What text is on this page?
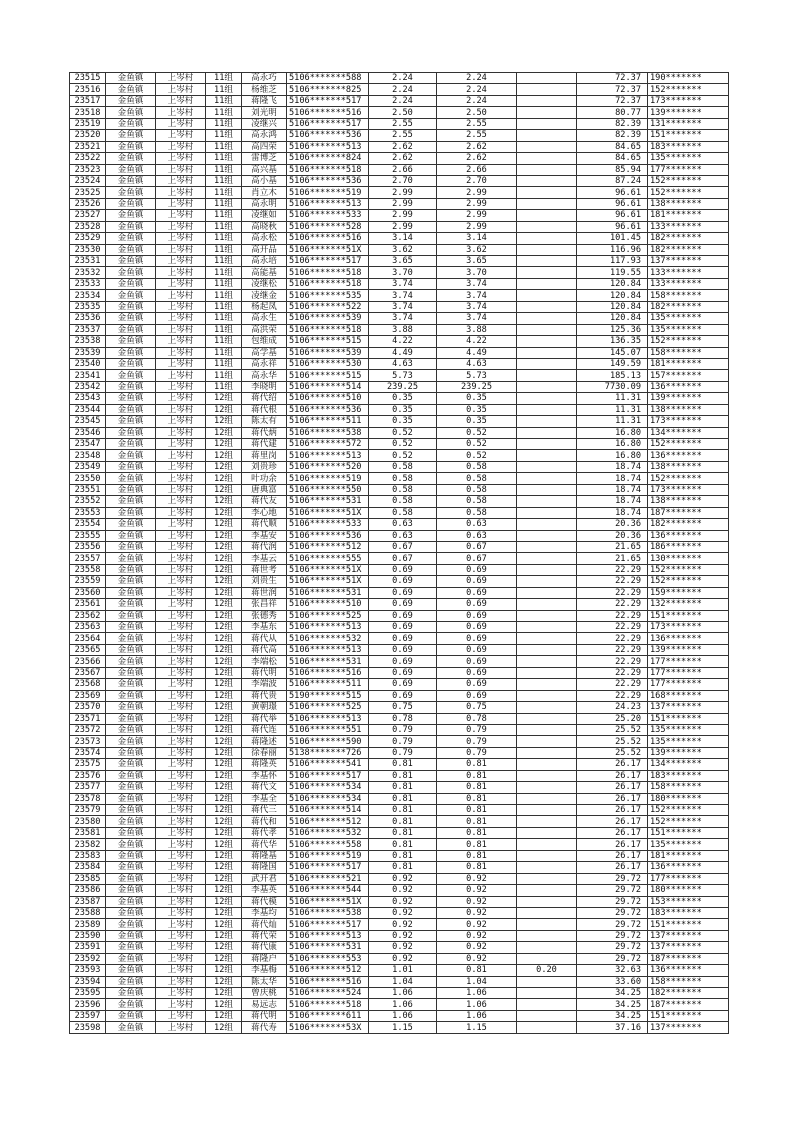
23515	金鱼镇	上岑村	11组	高永巧	5106*******588	2.24	2.24		72.37	190*******
23516	金鱼镇	上岑村	11组	杨维芝	5106*******825	2.24	2.24		72.37	152*******
23517	金鱼镇	上岑村	11组	蒋隆飞	5106*******517	2.24	2.24		72.37	173*******
23518	金鱼镇	上岑村	11组	刘光明	5106*******516	2.50	2.50		80.77	139*******
23519	金鱼镇	上岑村	11组	凌继兴	5106*******517	2.55	2.55		82.39	131*******
23520	金鱼镇	上岑村	11组	高永鸿	5106*******536	2.55	2.55		82.39	151*******
23521	金鱼镇	上岑村	11组	高四荣	5106*******513	2.62	2.62		84.65	183*******
23522	金鱼镇	上岑村	11组	雷博芝	5106*******824	2.62	2.62		84.65	135*******
23523	金鱼镇	上岑村	11组	高兴基	5106*******518	2.66	2.66		85.94	177*******
23524	金鱼镇	上岑村	11组	高小基	5106*******536	2.70	2.70		87.24	152*******
23525	金鱼镇	上岑村	11组	肖立木	5106*******519	2.99	2.99		96.61	152*******
23526	金鱼镇	上岑村	11组	高永明	5106*******513	2.99	2.99		96.61	138*******
23527	金鱼镇	上岑村	11组	凌继如	5106*******533	2.99	2.99		96.61	181*******
23528	金鱼镇	上岑村	11组	高晓秋	5106*******528	2.99	2.99		96.61	133*******
23529	金鱼镇	上岑村	11组	高永松	5106*******516	3.14	3.14		101.45	182*******
23530	金鱼镇	上岑村	11组	高开品	5106*******51X	3.62	3.62		116.96	182*******
23531	金鱼镇	上岑村	11组	高永培	5106*******517	3.65	3.65		117.93	137*******
23532	金鱼镇	上岑村	11组	高能基	5106*******518	3.70	3.70		119.55	133*******
23533	金鱼镇	上岑村	11组	凌继松	5106*******518	3.74	3.74		120.84	133*******
23534	金鱼镇	上岑村	11组	凌继金	5106*******535	3.74	3.74		120.84	158*******
23535	金鱼镇	上岑村	11组	杨起凤	5106*******522	3.74	3.74		120.84	182*******
23536	金鱼镇	上岑村	11组	高永生	5106*******539	3.74	3.74		120.84	135*******
23537	金鱼镇	上岑村	11组	高洪荣	5106*******518	3.88	3.88		125.36	135*******
23538	金鱼镇	上岑村	11组	包维成	5106*******515	4.22	4.22		136.35	152*******
23539	金鱼镇	上岑村	11组	高学基	5106*******539	4.49	4.49		145.07	158*******
23540	金鱼镇	上岑村	11组	高永祥	5106*******530	4.63	4.63		149.59	181*******
23541	金鱼镇	上岑村	11组	高永华	5106*******515	5.73	5.73		185.13	157*******
23542	金鱼镇	上岑村	11组	李晓明	5106*******514	239.25	239.25		7730.09	136*******
23543	金鱼镇	上岑村	12组	蒋代绍	5106*******510	0.35	0.35		11.31	139*******
23544	金鱼镇	上岑村	12组	蒋代根	5106*******536	0.35	0.35		11.31	138*******
23545	金鱼镇	上岑村	12组	陈太有	5106*******511	0.35	0.35		11.31	173*******
23546	金鱼镇	上岑村	12组	蒋代炳	5106*******538	0.52	0.52		16.80	134*******
23547	金鱼镇	上岑村	12组	蒋代建	5106*******572	0.52	0.52		16.80	152*******
23548	金鱼镇	上岑村	12组	蒋里岗	5106*******513	0.52	0.52		16.80	136*******
23549	金鱼镇	上岑村	12组	刘贵珍	5106*******520	0.58	0.58		18.74	138*******
23550	金鱼镇	上岑村	12组	叶功余	5106*******519	0.58	0.58		18.74	152*******
23551	金鱼镇	上岑村	12组	唐典富	5106*******550	0.58	0.58		18.74	173*******
23552	金鱼镇	上岑村	12组	蒋代友	5106*******531	0.58	0.58		18.74	138*******
23553	金鱼镇	上岑村	12组	李心地	5106*******51X	0.58	0.58		18.74	187*******
23554	金鱼镇	上岑村	12组	蒋代顺	5106*******533	0.63	0.63		20.36	182*******
23555	金鱼镇	上岑村	12组	李基安	5106*******536	0.63	0.63		20.36	136*******
23556	金鱼镇	上岑村	12组	蒋代润	5106*******512	0.67	0.67		21.65	186*******
23557	金鱼镇	上岑村	12组	李基云	5106*******555	0.67	0.67		21.65	130*******
23558	金鱼镇	上岑村	12组	蒋世考	5106*******51X	0.69	0.69		22.29	152*******
23559	金鱼镇	上岑村	12组	刘贵生	5106*******51X	0.69	0.69		22.29	152*******
23560	金鱼镇	上岑村	12组	蒋世润	5106*******531	0.69	0.69		22.29	159*******
23561	金鱼镇	上岑村	12组	张昌祥	5106*******510	0.69	0.69		22.29	132*******
23562	金鱼镇	上岑村	12组	张德秀	5106*******525	0.69	0.69		22.29	151*******
23563	金鱼镇	上岑村	12组	李基东	5106*******513	0.69	0.69		22.29	173*******
23564	金鱼镇	上岑村	12组	蒋代从	5106*******532	0.69	0.69		22.29	136*******
23565	金鱼镇	上岑村	12组	蒋代高	5106*******513	0.69	0.69		22.29	139*******
23566	金鱼镇	上岑村	12组	李端松	5106*******531	0.69	0.69		22.29	177*******
23567	金鱼镇	上岑村	12组	蒋代明	5106*******516	0.69	0.69		22.29	177*******
23568	金鱼镇	上岑村	12组	李端波	5106*******511	0.69	0.69		22.29	177*******
23569	金鱼镇	上岑村	12组	蒋代贵	5190*******515	0.69	0.69		22.29	168*******
23570	金鱼镇	上岑村	12组	黄朝璟	5106*******525	0.75	0.75		24.23	137*******
23571	金鱼镇	上岑村	12组	蒋代举	5106*******513	0.78	0.78		25.20	151*******
23572	金鱼镇	上岑村	12组	蒋代连	5106*******551	0.79	0.79		25.52	135*******
23573	金鱼镇	上岑村	12组	蒋隆述	5106*******590	0.79	0.79		25.52	135*******
23574	金鱼镇	上岑村	12组	徐春丽	5138*******726	0.79	0.79		25.52	139*******
23575	金鱼镇	上岑村	12组	蒋隆英	5106*******541	0.81	0.81		26.17	134*******
23576	金鱼镇	上岑村	12组	李基怀	5106*******517	0.81	0.81		26.17	183*******
23577	金鱼镇	上岑村	12组	蒋代文	5106*******534	0.81	0.81		26.17	158*******
23578	金鱼镇	上岑村	12组	李基全	5106*******534	0.81	0.81		26.17	180*******
23579	金鱼镇	上岑村	12组	蒋代三	5106*******514	0.81	0.81		26.17	152*******
23580	金鱼镇	上岑村	12组	蒋代和	5106*******512	0.81	0.81		26.17	152*******
23581	金鱼镇	上岑村	12组	蒋代孝	5106*******532	0.81	0.81		26.17	151*******
23582	金鱼镇	上岑村	12组	蒋代华	5106*******558	0.81	0.81		26.17	135*******
23583	金鱼镇	上岑村	12组	蒋隆基	5106*******519	0.81	0.81		26.17	181*******
23584	金鱼镇	上岑村	12组	蒋隆国	5106*******517	0.81	0.81		26.17	136*******
23585	金鱼镇	上岑村	12组	武开君	5106*******521	0.92	0.92		29.72	177*******
23586	金鱼镇	上岑村	12组	李基英	5106*******544	0.92	0.92		29.72	180*******
23587	金鱼镇	上岑村	12组	蒋代模	5106*******51X	0.92	0.92		29.72	153*******
23588	金鱼镇	上岑村	12组	李基均	5106*******538	0.92	0.92		29.72	183*******
23589	金鱼镇	上岑村	12组	蒋代灿	5106*******517	0.92	0.92		29.72	151*******
23590	金鱼镇	上岑村	12组	蒋代荣	5106*******513	0.92	0.92		29.72	137*******
23591	金鱼镇	上岑村	12组	蒋代康	5106*******531	0.92	0.92		29.72	137*******
23592	金鱼镇	上岑村	12组	蒋隆户	5106*******553	0.92	0.92		29.72	187*******
23593	金鱼镇	上岑村	12组	李基梅	5106*******512	1.01	0.81	0.20	32.63	136*******
23594	金鱼镇	上岑村	12组	陈太华	5106*******516	1.04	1.04		33.60	158*******
23595	金鱼镇	上岑村	12组	曾庆桃	5106*******524	1.06	1.06		34.25	182*******
23596	金鱼镇	上岑村	12组	易远志	5106*******518	1.06	1.06		34.25	187*******
23597	金鱼镇	上岑村	12组	蒋代明	5106*******611	1.06	1.06		34.25	151*******
23598	金鱼镇	上岑村	12组	蒋代寿	5106*******53X	1.15	1.15		37.16	137*******
